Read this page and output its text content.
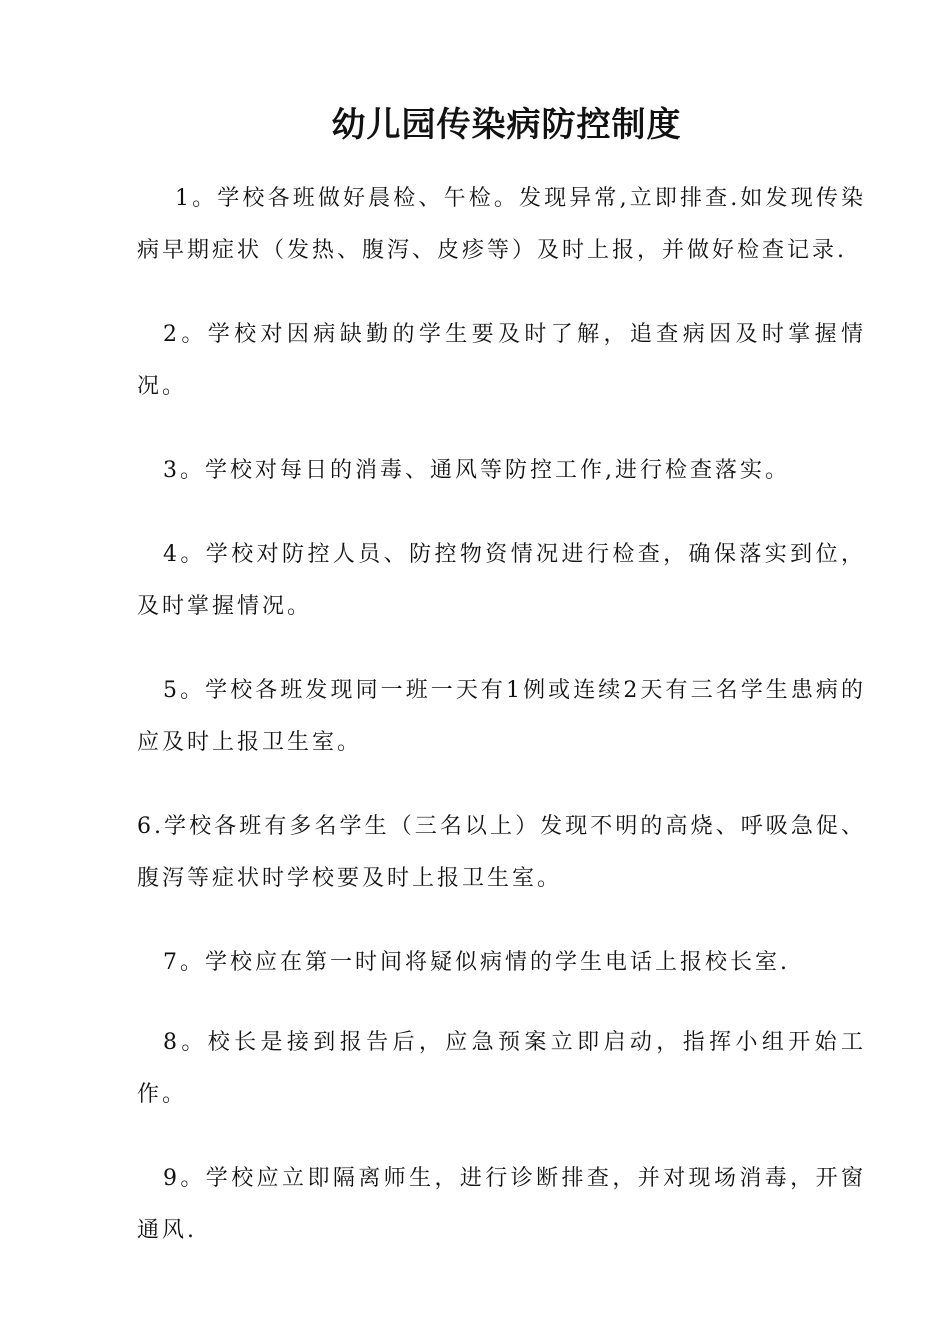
幼儿园传染病防控制度

1。学校各班做好晨检、午检。发现异常,立即排查.如发现传染病早期症状（发热、腹泻、皮疹等）及时上报，并做好检查记录.

2。学校对因病缺勤的学生要及时了解，追查病因及时掌握情况。

3。学校对每日的消毒、通风等防控工作,进行检查落实。

4。学校对防控人员、防控物资情况进行检查，确保落实到位，及时掌握情况。

5。学校各班发现同一班一天有1例或连续2天有三名学生患病的应及时上报卫生室。

6.学校各班有多名学生（三名以上）发现不明的高烧、呼吸急促、腹泻等症状时学校要及时上报卫生室。

7。学校应在第一时间将疑似病情的学生电话上报校长室.

8。校长是接到报告后，应急预案立即启动，指挥小组开始工作。

9。学校应立即隔离师生，进行诊断排查，并对现场消毒，开窗通风.
